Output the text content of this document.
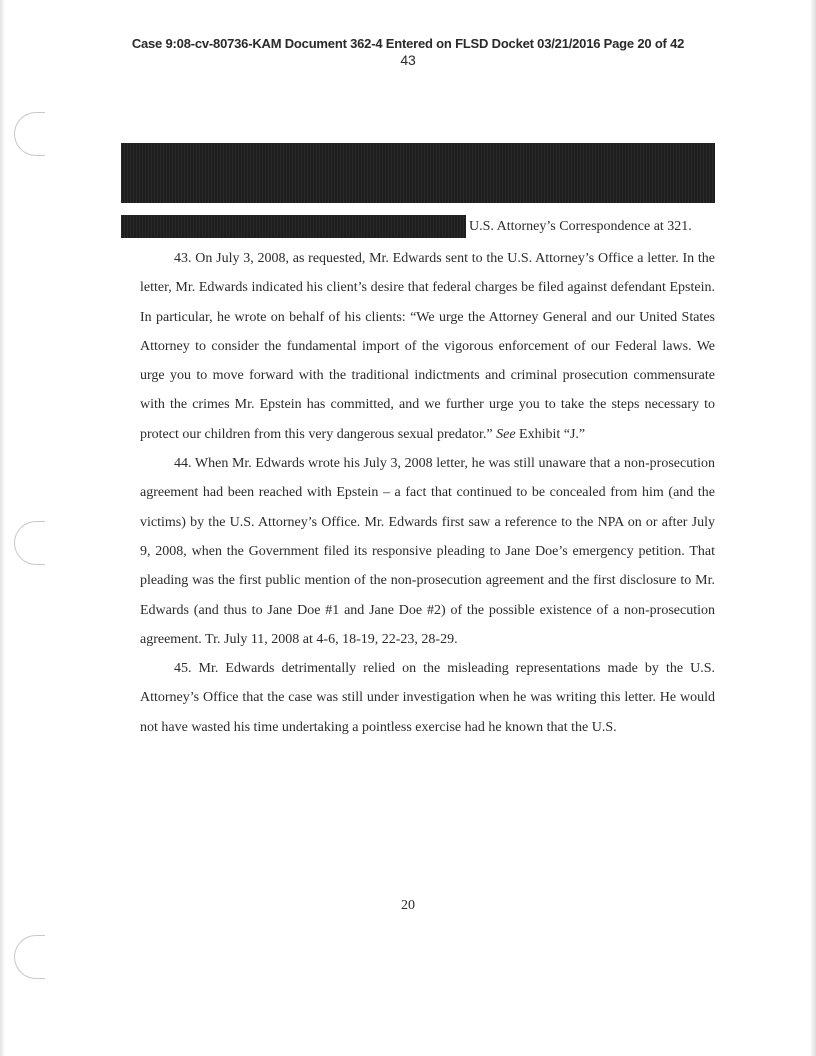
Case 9:08-cv-80736-KAM Document 362-4 Entered on FLSD Docket 03/21/2016 Page 20 of 42
43
U.S. Attorney’s Correspondence at 321.

43. On July 3, 2008, as requested, Mr. Edwards sent to the U.S. Attorney’s Office a letter. In the letter, Mr. Edwards indicated his client’s desire that federal charges be filed against defendant Epstein. In particular, he wrote on behalf of his clients: “We urge the Attorney General and our United States Attorney to consider the fundamental import of the vigorous enforcement of our Federal laws. We urge you to move forward with the traditional indictments and criminal prosecution commensurate with the crimes Mr. Epstein has committed, and we further urge you to take the steps necessary to protect our children from this very dangerous sexual predator.” See Exhibit “J.”

44. When Mr. Edwards wrote his July 3, 2008 letter, he was still unaware that a non-prosecution agreement had been reached with Epstein – a fact that continued to be concealed from him (and the victims) by the U.S. Attorney’s Office. Mr. Edwards first saw a reference to the NPA on or after July 9, 2008, when the Government filed its responsive pleading to Jane Doe’s emergency petition. That pleading was the first public mention of the non-prosecution agreement and the first disclosure to Mr. Edwards (and thus to Jane Doe #1 and Jane Doe #2) of the possible existence of a non-prosecution agreement. Tr. July 11, 2008 at 4-6, 18-19, 22-23, 28-29.

45. Mr. Edwards detrimentally relied on the misleading representations made by the U.S. Attorney’s Office that the case was still under investigation when he was writing this letter. He would not have wasted his time undertaking a pointless exercise had he known that the U.S.

20
